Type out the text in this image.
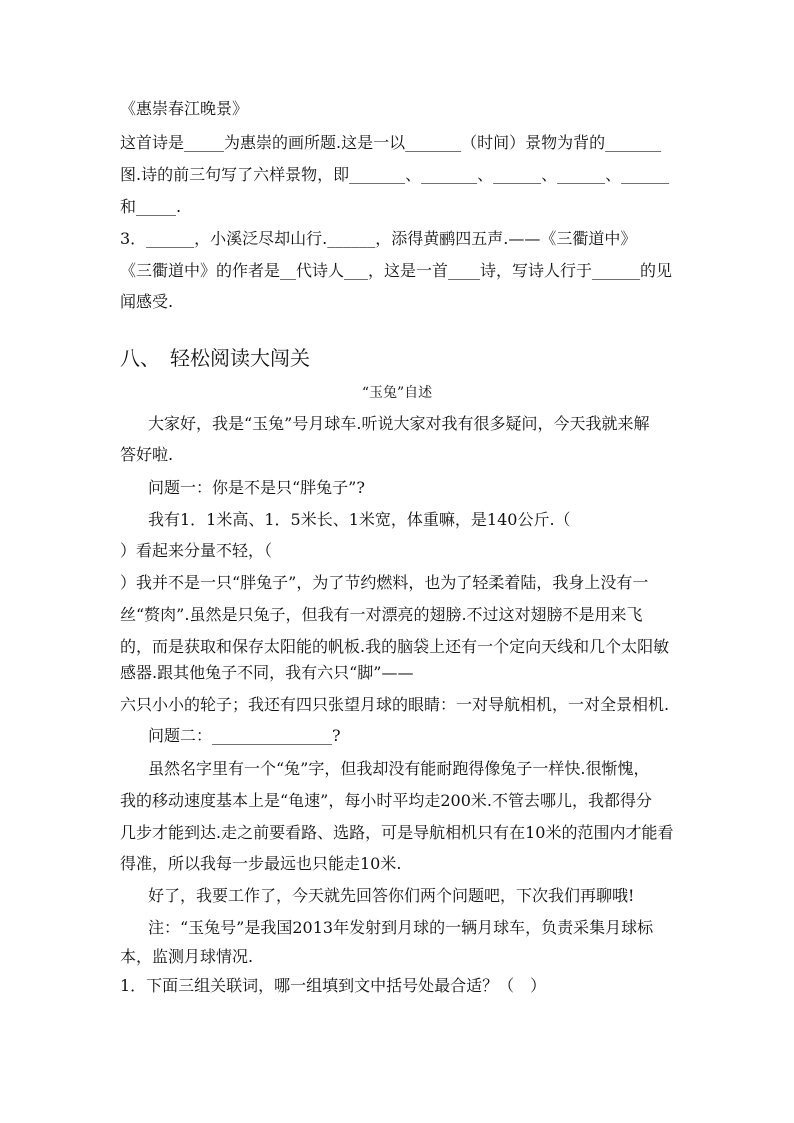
《惠崇春江晚景》
这首诗是_____为惠崇的画所题.这是一以_______（时间）景物为背的_______
图.诗的前三句写了六样景物，即_______、_______、______、______、______
和_____.
3．______，小溪泛尽却山行.______，添得黄鹂四五声.——《三衢道中》
《三衢道中》的作者是__代诗人___，这是一首____诗，写诗人行于______的见
闻感受.
八、 轻松阅读大闯关
“玉兔”自述
大家好，我是“玉兔”号月球车.听说大家对我有很多疑问，今天我就来解
答好啦.
问题一：你是不是只“胖兔子”?
我有1．1米高、1．5米长、1米宽，体重嘛，是140公斤.（
）看起来分量不轻，（
）我并不是一只“胖兔子”，为了节约燃料，也为了轻柔着陆，我身上没有一
丝“赘肉”.虽然是只兔子，但我有一对漂亮的翅膀.不过这对翅膀不是用来飞
的，而是获取和保存太阳能的帆板.我的脑袋上还有一个定向天线和几个太阳敏
感器.跟其他兔子不同，我有六只“脚”——
六只小小的轮子；我还有四只张望月球的眼睛：一对导航相机，一对全景相机.
问题二：_______________?
虽然名字里有一个“兔”字，但我却没有能耐跑得像兔子一样快.很惭愧，
我的移动速度基本上是“龟速”，每小时平均走200米.不管去哪儿，我都得分
几步才能到达.走之前要看路、选路，可是导航相机只有在10米的范围内才能看
得准，所以我每一步最远也只能走10米.
好了，我要工作了，今天就先回答你们两个问题吧，下次我们再聊哦!
注：“玉兔号”是我国2013年发射到月球的一辆月球车，负责采集月球标
本，监测月球情况.
1．下面三组关联词，哪一组填到文中括号处最合适？（　）
